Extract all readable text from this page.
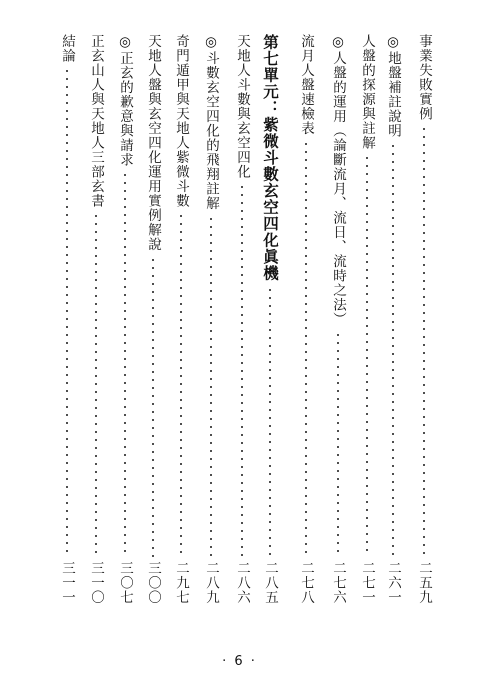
事業失敗實例
二五九
◎地盤補註說明
二六一
人盤的探源與註解
二七一
◎人盤的運用（論斷流月、流日、流時之法）
二七六
流月人盤速檢表
二七八
第七單元：紫微斗數玄空四化眞機
二八五
天地人斗數與玄空四化
二八六
◎斗數玄空四化的飛翔註解
二八九
奇門遁甲與天地人紫微斗數
二九七
天地人盤與玄空四化運用實例解說
三〇〇
◎正玄的歉意與請求
三〇七
正玄山人與天地人三部玄書
三一〇
結論
三一一
· 6 ·
